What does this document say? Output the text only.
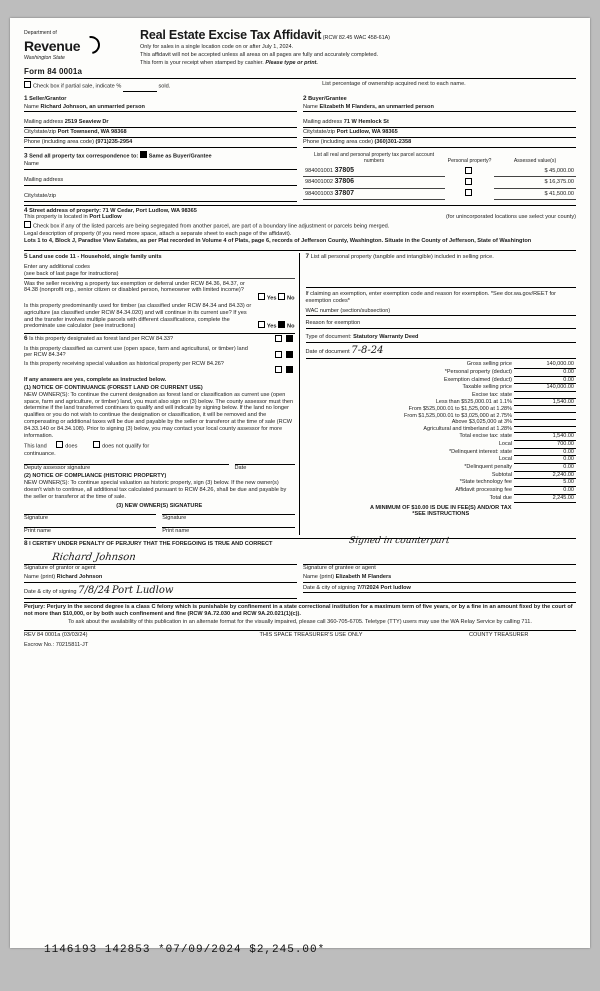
Department of
Revenue
Washington State
Form 84 0001a
Real Estate Excise Tax Affidavit (RCW 82.45 WAC 458-61A)

Only for sales in a single location code on or after July 1, 2024.

This affidavit will not be accepted unless all areas on all pages are fully and accurately completed.

This form is your receipt when stamped by cashier. Please type or print.

Check box if partial sale, indicate %	sold.	List percentage of ownership acquired next to each name.
1 Seller/Grantor
Name Richard Johnson, an unmarried person
Mailing address 2519 Seaview Dr
City/state/zip Port Townsend, WA 98368
Phone (including area code) (971)235-2954
2 Buyer/Grantee
Name Elizabeth M Flanders, an unmarried person
Mailing address 71 W Hemlock St
City/state/zip Port Ludlow, WA 98365
Phone (including area code) (360)301-2358
3 Send all property tax correspondence to: Same as Buyer/Grantee
Name
Mailing address
City/state/zip
List all real and personal property tax parcel account numbers	Personal property?	Assessed value(s)
984001001 37805		$ 45,000.00
984001002 37806		$ 16,375.00
984001003 37807		$ 41,500.00
4 Street address of property: 71 W Cedar, Port Ludlow, WA 98365
This property is located in Port Ludlow	(for unincorporated locations use select your county)
Check box if any of the listed parcels are being segregated from another parcel, are part of a boundary line adjustment or parcels being merged.
Legal description of property (if you need more space, attach a separate sheet to each page of the affidavit).
Lots 1 to 4, Block J, Paradise View Estates, as per Plat recorded in Volume 4 of Plats, page 6, records of Jefferson County, Washington. Situate in the County of Jefferson, State of Washington
5 Land use code 11 - Household, single family units
Enter any additional codes
(see back of last page for instructions)
Was the seller receiving a property tax exemption or deferral under RCW 84.36, 84.37, or 84.38 (nonprofit org., senior citizen or disabled person, homeowner with limited income)?
Yes No
Is this property predominantly used for timber (as classified under RCW 84.34 and 84.33) or agriculture (as classified under RCW 84.34.020) and will continue in its current use? If yes and the transfer involves multiple parcels with different classifications, complete the predominate use calculator (see instructions)	Yes No
6 Is this property designated as forest land per RCW 84.33?

Is this property classified as current use (open space, farm and agricultural, or timber) land per RCW 84.34?

Is this property receiving special valuation as historical property per RCW 84.26?

If any answers are yes, complete as instructed below.
(1) NOTICE OF CONTINUANCE (FOREST LAND OR CURRENT USE)
NEW OWNER(S): To continue the current designation as forest land or classification as current use (open space, farm and agriculture, or timber) land, you must also sign on (3) below. The county assessor must then determine if the land transferred continues to qualify and will indicate by signing below. If the land no longer qualifies or you do not wish to continue the designation or classification, it will be removed and the compensating or additional taxes will be due and payable by the seller or transferor at the time of sale (RCW 84.33.140 or 84.34.108). Prior to signing (3) below, you may contact your local county assessor for more information.
This land	does	does not qualify for
continuance.
Deputy assessor signature	Date
(2) NOTICE OF COMPLIANCE (HISTORIC PROPERTY)
NEW OWNER(S): To continue special valuation as historic property, sign (3) below. If the new owner(s) doesn't wish to continue, all additional tax calculated pursuant to RCW 84.26, shall be due and payable by the seller or transferor at the time of sale.
(3) NEW OWNER(S) SIGNATURE
Signature	Signature
Print name	Print name
7 List all personal property (tangible and intangible) included in selling price.
If claiming an exemption, enter exemption code and reason for exemption. *See dor.wa.gov/REET for exemption codes*
WAC number (section/subsection)
Reason for exemption
Type of document: Statutory Warranty Deed
Date of document 7-8-24
Gross selling price	140,000.00
*Personal property (deduct)	0.00
Exemption claimed (deduct)	0.00
Taxable selling price	140,000.00
Excise tax: state	
Less than $525,000.01 at 1.1%	1,540.00
From $525,000.01 to $1,525,000 at 1.28%	
From $1,525,000.01 to $3,025,000 at 2.75%	
Above $3,025,000 at 3%	
Agricultural and timberland at 1.28%	
Total excise tax: state	1,540.00
Local	700.00
*Delinquent interest: state	0.00
Local	0.00
*Delinquent penalty	0.00
Subtotal	2,240.00
*State technology fee	5.00
Affidavit processing fee	0.00
Total due	2,245.00
A MINIMUM OF $10.00 IS DUE IN FEE(S) AND/OR TAX
*SEE INSTRUCTIONS
8 I CERTIFY UNDER PENALTY OF PERJURY THAT THE FOREGOING IS TRUE AND CORRECT	Signed in counterpart
Richard Johnson
Signature of grantor or agent
Name (print) Richard Johnson
Date & city of signing 7/8/24 Port Ludlow
Signature of grantee or agent
Name (print) Elizabeth M Flanders
Date & city of signing 7/7/2024 Port ludlow
Perjury: Perjury in the second degree is a class C felony which is punishable by confinement in a state correctional institution for a maximum term of five years, or by a fine in an amount fixed by the court of not more than $10,000, or by both such confinement and fine (RCW 9A.72.030 and RCW 9A.20.021(1)(c)).
To ask about the availability of this publication in an alternate format for the visually impaired, please call 360-705-6705. Teletype (TTY) users may use the WA Relay Service by calling 711.
REV 84 0001a (03/03/24)
Escrow No.: 70215811-JT
THIS SPACE TREASURER'S USE ONLY	COUNTY TREASURER
1146193 142853 *07/09/2024 $2,245.00*
